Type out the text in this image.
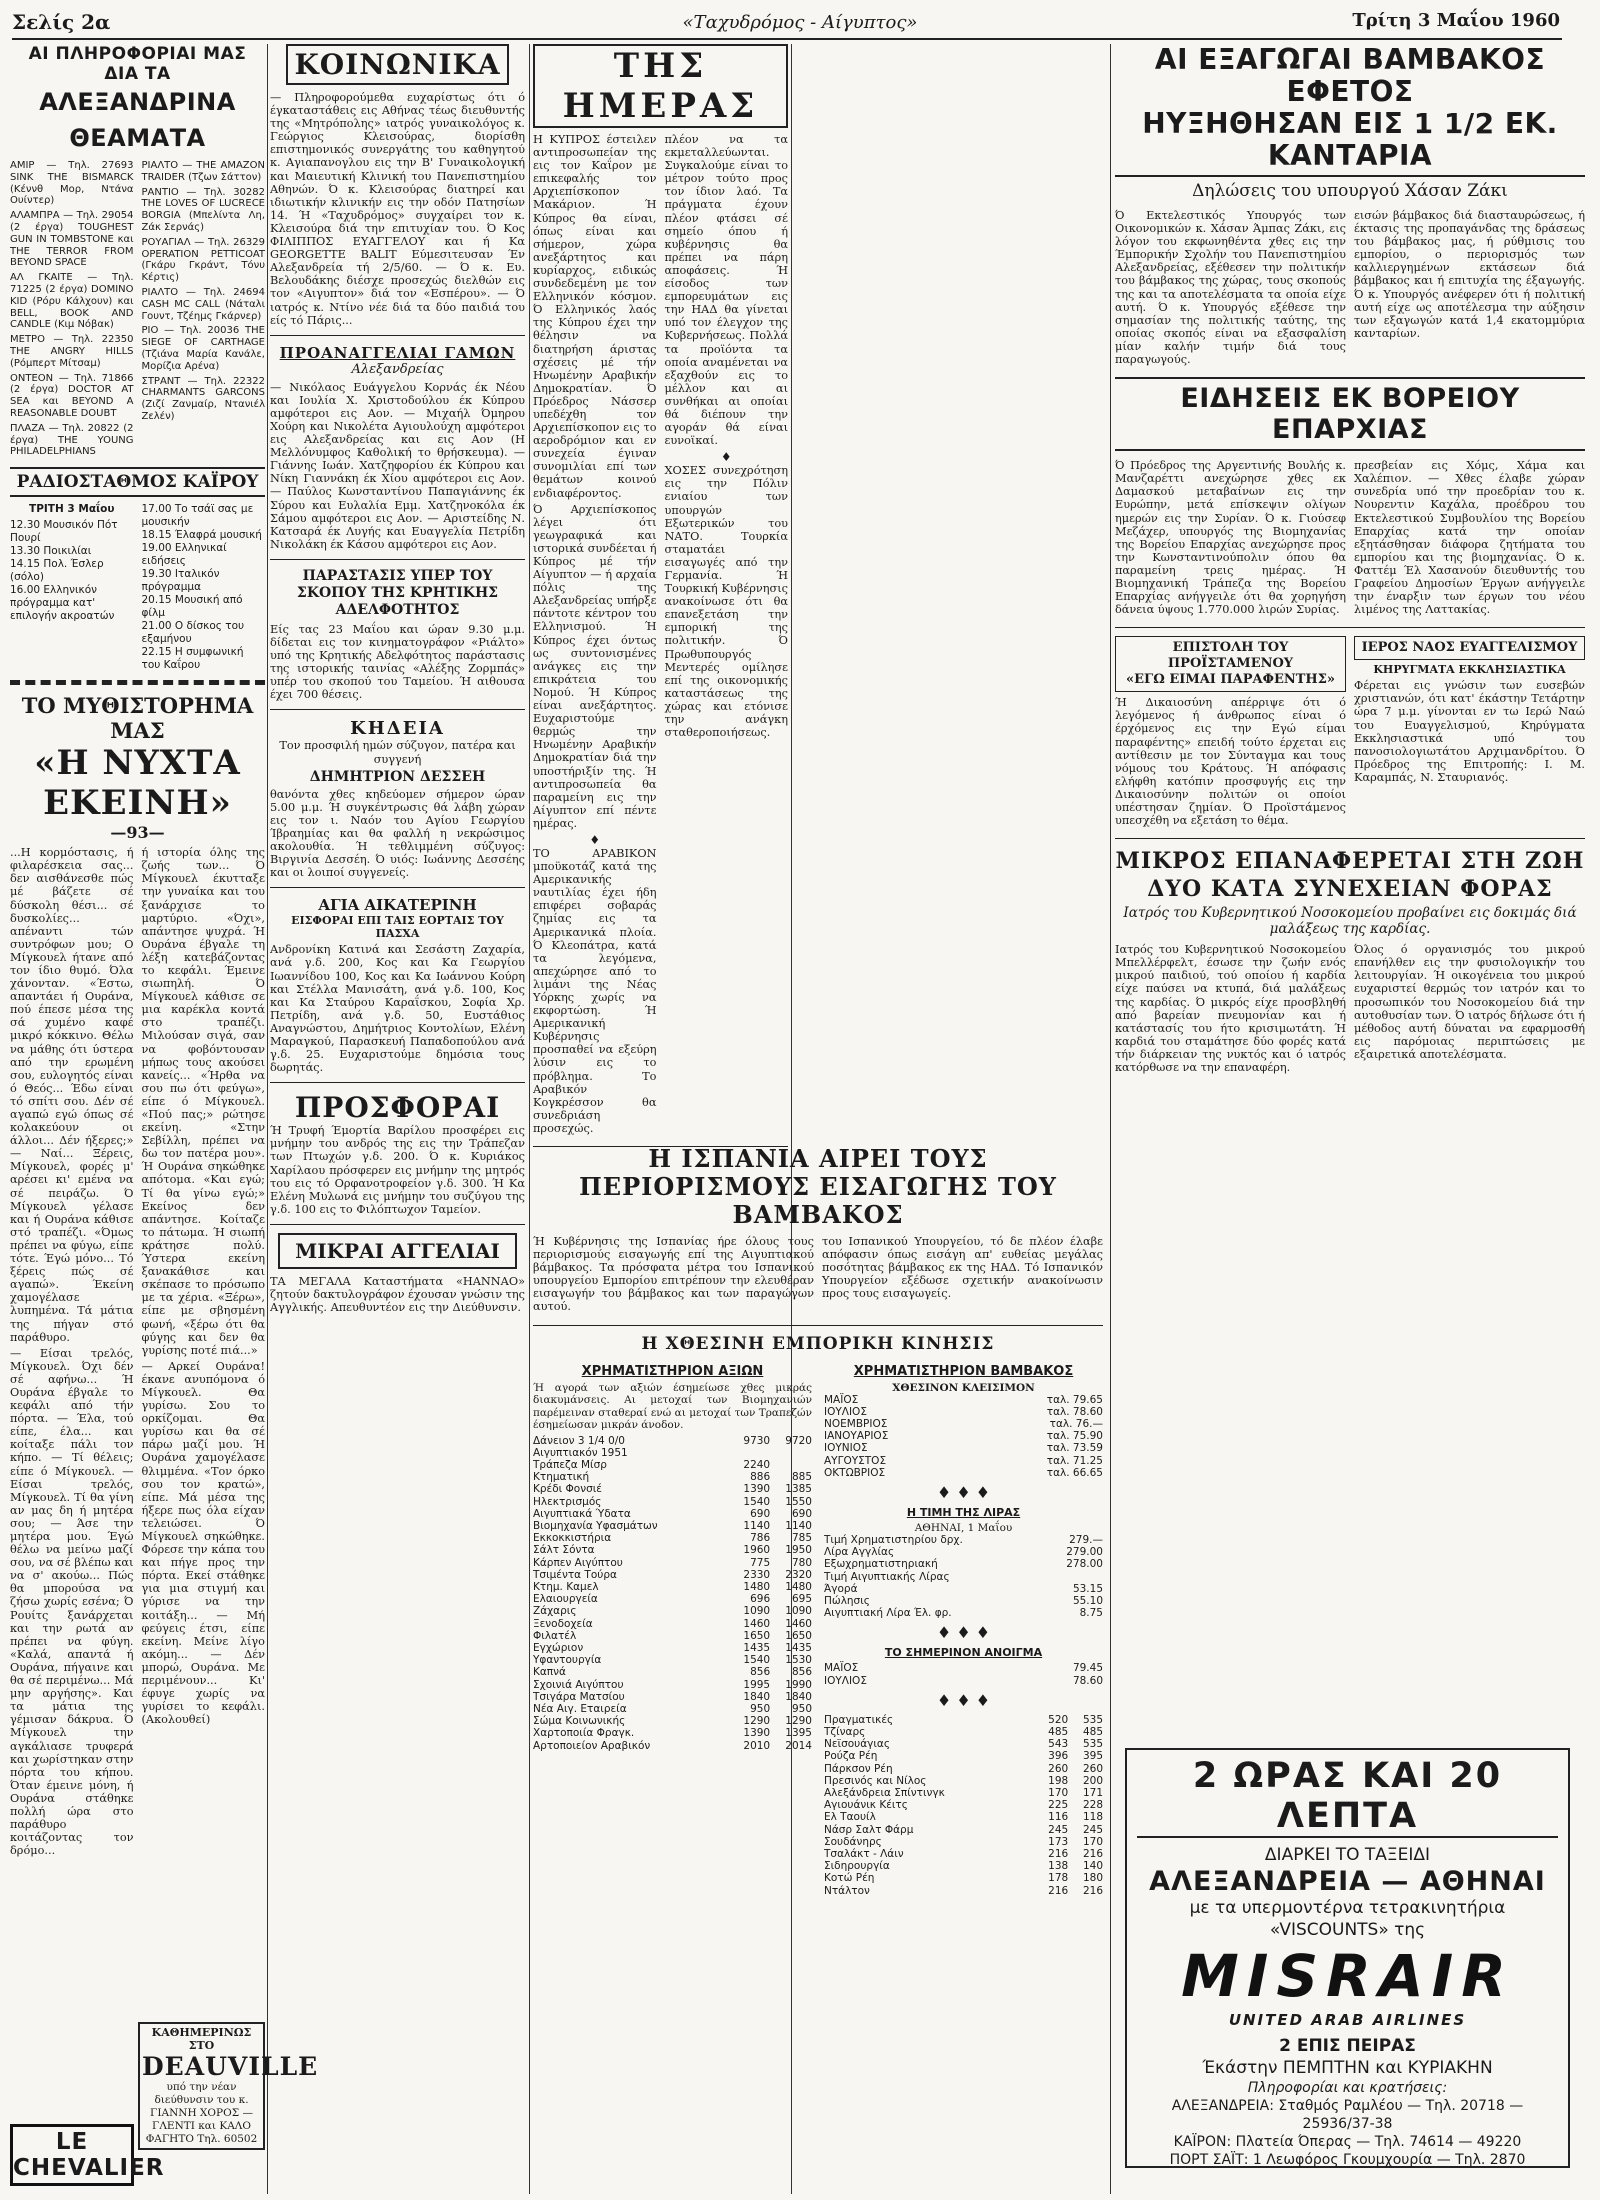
Σελίς 2α	«Ταχυδρόμος - Αίγυπτος»	Τρίτη 3 Μαΐου 1960
ΑΙ ΠΛΗΡΟΦΟΡΙΑΙ ΜΑΣ ΔΙΑ ΤΑ
ΑΛΕΞΑΝΔΡΙΝΑ ΘΕΑΜΑΤΑ

ΑΜΙΡ — Τηλ. 27693 SINK THE BISMARCK (Κέννθ Μορ, Ντάνα Ουίντερ)

ΑΛΑΜΠΡΑ — Τηλ. 29054 (2 έργα) TOUGHEST GUN IN TOMBSTONE και THE TERROR FROM BEYOND SPACE

ΑΛ ΓΚΑΙΤΕ — Τηλ. 71225 (2 έργα) DOMINO KID (Ρόρυ Κάλχουν) και BELL, BOOK AND CANDLE (Κιμ Νόβακ)

ΜΕΤΡΟ — Τηλ. 22350 THE ANGRY HILLS (Ρόμπερτ Μίτσαμ)

ΟΝΤΕΟΝ — Τηλ. 71866 (2 έργα) DOCTOR AT SEA και BEYOND A REASONABLE DOUBT

ΠΛΑΖΑ — Τηλ. 20822 (2 έργα) THE YOUNG PHILADELPHIANS

ΡΙΑΛΤΟ — THE AMAZON TRAIDER (Τζων Σάττον)

ΡΑΝΤΙΟ — Τηλ. 30282 THE LOVES OF LUCRECE BORGIA (Μπελίντα Λη, Ζάκ Σερνάς)

ΡΟΥΑΓΙΑΛ — Τηλ. 26329 OPERATION PETTICOAT (Γκάρυ Γκράντ, Τόνυ Κέρτις)

ΡΙΑΛΤΟ — Τηλ. 24694 CASH MC CALL (Νάταλι Γουντ, Τζέημς Γκάρνερ)

ΡΙΟ — Τηλ. 20036 THE SIEGE OF CARTHAGE (Τζιάνα Μαρία Κανάλε, Μορίζια Αρένα)

ΣΤΡΑΝΤ — Τηλ. 22322 CHARMANTS GARCONS (Ζιζί Ζανμαίρ, Ντανιέλ Ζελέν)

ΡΑΔΙΟΣΤΑΘΜΟΣ ΚΑΪΡΟΥ
ΤΡΙΤΗ 3 Μαΐου
12.30 Μουσικόν Πότ Πουρί
13.30 Ποικιλίαι
14.15 Πολ. Έσλερ (σόλο)
16.00 Ελληνικόν πρόγραμμα κατ' επιλογήν ακροατών
17.00 Το τσάϊ σας με μουσικήν
18.15 Έλαφρά μουσική
19.00 Ελληνικαί ειδήσεις
19.30 Ιταλικόν πρόγραμμα
20.15 Μουσική από φίλμ
21.00 Ο δίσκος του εξαμήνου
22.15 Η συμφωνική του Καΐρου
ΤΟ ΜΥΘΙΣΤΟΡΗΜΑ ΜΑΣ
«Η ΝΥΧΤΑ ΕΚΕΙΝΗ»
—93—

...Η κορμόστασις, ή φιλαρέσκεια σας... δεν αισθάνεσθε πώς μέ βάζετε σέ δύσκολη θέσι... σέ δυσκολίες... απέναντι τών συντρόφων μου; Ο Μίγκουελ ήτανε από τον ίδιο θυμό. Όλα χάνονταν. «Έστω, απαντάει ή Ουράνα, πού έπεσε μέσα της σά χυμένο καφέ μικρό κόκκινο. Θέλω να μάθης ότι ύστερα από την ερωμένη σου, ευλογητός είναι ό Θεός... Έδω είναι τό σπίτι σου. Δέν σέ αγαπώ εγώ όπως σέ κολακεύουν οι άλλοι... Δέν ήξερες;» — Ναί... Ξέρεις, Μίγκουελ, φορές μ' αρέσει κι' εμένα να σέ πειράζω. Ό Μίγκουελ γέλασε και ή Ουράνα κάθισε στό τραπέζι. «Όμως πρέπει να φύγω, είπε τότε. Έγώ μόνο... Τό ξέρεις πώς σέ αγαπώ». Έκείνη χαμογέλασε λυπημένα. Τά μάτια της πήγαν στό παράθυρο.

— Είσαι τρελός, Μίγκουελ. Όχι δέν σέ αφήνω... Ή Ουράνα έβγαλε το κεφάλι από τήν πόρτα. — Έλα, τού είπε, έλα... και κοίταξε πάλι τον κήπο. — Τί θέλεις; είπε ό Μίγκουελ. — Είσαι τρελός, Μίγκουελ. Τί θα γίνη αν μας δη ή μητέρα σου; — Άσε την μητέρα μου. Έγώ θέλω να μείνω μαζί σου, να σέ βλέπω και να σ' ακούω... Πώς θα μπορούσα να ζήσω χωρίς εσένα; Ό Ρουίτς ξανάρχεται και την ρωτά αν πρέπει να φύγη. «Καλά, απαντά ή Ουράνα, πήγαινε και θα σέ περιμένω... Μά μην αργήσης». Και τα μάτια της γέμισαν δάκρυα. Ό Μίγκουελ την αγκάλιασε τρυφερά και χωρίστηκαν στην πόρτα του κήπου. Όταν έμεινε μόνη, ή Ουράνα στάθηκε πολλή ώρα στο παράθυρο κοιτάζοντας τον δρόμο...

ή ιστορία όλης της ζωής των... Ό Μίγκουελ έκυτταξε την γυναίκα και του ξανάρχισε το μαρτύριο. «Όχι», απάντησε ψυχρά. Ή Ουράνα έβγαλε τη λέξη κατεβάζοντας το κεφάλι. Έμεινε σιωπηλή. Ό Μίγκουελ κάθισε σε μια καρέκλα κοντά στο τραπέζι. Μιλούσαν σιγά, σαν να φοβόντουσαν μήπως τους ακούσει κανείς... «Ήρθα να σου πω ότι φεύγω», είπε ό Μίγκουελ. «Πού πας;» ρώτησε εκείνη. «Στην Σεβίλλη, πρέπει να δω τον πατέρα μου». Ή Ουράνα σηκώθηκε απότομα. «Και εγώ; Τί θα γίνω εγώ;» Εκείνος δεν απάντησε. Κοίταζε το πάτωμα. Ή σιωπή κράτησε πολύ. Ύστερα εκείνη ξανακάθισε και σκέπασε το πρόσωπο με τα χέρια. «Ξέρω», είπε με σβησμένη φωνή, «ξέρω ότι θα φύγης και δεν θα γυρίσης ποτέ πιά...»

— Αρκεί Ουράνα! έκανε ανυπόμονα ό Μίγκουελ. Θα γυρίσω. Σου το ορκίζομαι. Θα γυρίσω και θα σέ πάρω μαζί μου. Ή Ουράνα χαμογέλασε θλιμμένα. «Τον όρκο σου τον κρατώ», είπε. Μά μέσα της ήξερε πως όλα είχαν τελειώσει. Ό Μίγκουελ σηκώθηκε. Φόρεσε την κάπα του και πήγε προς την πόρτα. Εκεί στάθηκε για μια στιγμή και γύρισε να την κοιτάξη... — Μή φεύγεις έτσι, είπε εκείνη. Μείνε λίγο ακόμη... — Δέν μπορώ, Ουράνα. Με περιμένουν... Κι' έφυγε χωρίς να γυρίσει το κεφάλι. (Ακολουθεί)

ΚΑΘΗΜΕΡΙΝΩΣ ΣΤΟ
DEAUVILLE
υπό την νέαν διεύθυνσιν του κ. ΓΙΑΝΝΗ ΧΟΡΟΣ — ΓΛΕΝΤΙ και ΚΑΛΟ ΦΑΓΗΤΟ Τηλ. 60502
LE CHEVALIER
ΚΟΙΝΩΝΙΚΑ

— Πληροφορούμεθα ευχαρίστως ότι ό έγκαταστάθεις εις Αθήνας τέως διευθυντής της «Μητρόπολης» ιατρός γυναικολόγος κ. Γεώργιος Κλεισούρας, διορίσθη επιστημονικός συνεργάτης του καθηγητού κ. Αγιαπανογλου εις την Β' Γυναικολογική και Μαιευτική Κλινική του Πανεπιστημίου Αθηνών. Ό κ. Κλεισούρας διατηρεί και ιδιωτικήν κλινικήν εις την οδόν Πατησίων 14. Ή «Ταχυδρόμος» συγχαίρει τον κ. Κλεισούρα διά την επιτυχίαν του. Ό Κος ΦΙΛΙΠΠΟΣ ΕΥΑΓΓΕΛΟΥ και ή Κα GEORGETTE BALIT Εύμεσιτευσαν Έν Αλεξανδρεία τή 2/5/60. — Ό κ. Ευ. Βελουδάκης διέσχε προσεχώς διελθών εις τον «Αιγυπτον» διά τον «Εσπέρου». — Ό ιατρός κ. Ντίνο νέε διά τα δύο παιδιά του είς τό Πάρις...

ΠΡΟΑΝΑΓΓΕΛΙΑΙ ΓΑΜΩΝ
Αλεξανδρείας

— Νικόλαος Ευάγγελου Κορνάς έκ Νέου και Ιουλία Χ. Χριστοδούλου έκ Κύπρου αμφότεροι εις Αον. — Μιχαήλ Όμηρου Χούρη και Νικολέτα Αγιουλούχη αμφότεροι εις Αλεξανδρείας και εις Αον (Η Μελλόνυμφος Καθολική το θρήσκευμα). — Γιάννης Ιωάν. Χατζηφορίου έκ Κύπρου και Νίκη Γιαννάκη έκ Χίου αμφότεροι εις Αον. — Παύλος Κωνσταντίνου Παπαγιάννης έκ Σύρου και Ευλαλία Εμμ. Χατζηνοκόλα έκ Σάμου αμφότεροι εις Αον. — Αριστείδης Ν. Κατσαρά έκ Λυγής και Ευαγγελία Πετρίδη Νικολάκη έκ Κάσου αμφότεροι εις Αον.

ΠΑΡΑΣΤΑΣΙΣ ΥΠΕΡ ΤΟΥ ΣΚΟΠΟΥ ΤΗΣ ΚΡΗΤΙΚΗΣ ΑΔΕΛΦΟΤΗΤΟΣ

Είς τας 23 Μαΐου και ώραν 9.30 μ.μ. δίδεται εις τον κινηματογράφον «Ριάλτο» υπό της Κρητικής Αδελφότητος παράστασις της ιστορικής ταινίας «Αλέξης Ζορμπάς» υπέρ του σκοπού του Ταμείου. Ή αιθουσα έχει 700 θέσεις.

ΚΗΔΕΙΑ

Τον προσφιλή ημών σύζυγον, πατέρα και συγγενή

ΔΗΜΗΤΡΙΟΝ ΔΕΣΣΕΗ

θανόντα χθες κηδεύομεν σήμερον ώραν 5.00 μ.μ. Ή συγκέντρωσις θά λάβη χώραν εις τον ι. Ναόν του Αγίου Γεωργίου Ίβραημίας και θα φαλλή η νεκρώσιμος ακολουθία. Ή τεθλιμμένη σύζυγος: Βιργινία Δεσσέη. Ό υιός: Ιωάννης Δεσσέης και οι λοιποί συγγενείς.

ΑΓΙΑ ΑΙΚΑΤΕΡΙΝΗ
ΕΙΣΦΟΡΑΙ ΕΠΙ ΤΑΙΣ ΕΟΡΤΑΙΣ ΤΟΥ ΠΑΣΧΑ

Ανδρονίκη Κατινά και Σεσάστη Ζαχαρία, ανά γ.δ. 200, Κος και Κα Γεωργίου Ιωαννίδου 100, Κος και Κα Ιωάννου Κούρη και Στέλλα Μανισάτη, ανά γ.δ. 100, Κος και Κα Σταύρου Καραΐσκου, Σοφία Χρ. Πετρίδη, ανά γ.δ. 50, Ευστάθιος Αναγνώστου, Δημήτριος Κοντολίων, Ελένη Μαραγκού, Παρασκευή Παπαδοπούλου ανά γ.δ. 25. Ευχαριστούμε δημόσια τους δωρητάς.

ΠΡΟΣΦΟΡΑΙ

Ή Τρυφή Έμορτία Βαρίλου προσφέρει εις μνήμην του ανδρός της εις την Τράπεζαν των Πτωχών γ.δ. 200. Ό κ. Κυριάκος Χαρίλαου πρόσφερεν εις μνήμην της μητρός του εις τό Ορφανοτροφείον γ.δ. 300. Ή Κα Ελένη Μυλωνά εις μνήμην του συζύγου της γ.δ. 100 εις το Φιλόπτωχον Ταμείον.

ΜΙΚΡΑΙ ΑΓΓΕΛΙΑΙ

ΤΑ ΜΕΓΑΛΑ Καταστήματα «ΗΑΝΝΑΟ» ζητούν δακτυλογράφον έχουσαν γνώσιν της Αγγλικής. Απευθυντέον εις την Διεύθυνσιν.

ΤΗΣ ΗΜΕΡΑΣ

Η ΚΥΠΡΟΣ έστειλεν αντιπροσωπείαν της εις τον Καΐρον με επικεφαλής τον Αρχιεπίσκοπον Μακάριον. Ή Κύπρος θα είναι, όπως είναι και σήμερον, χώρα ανεξάρτητος και κυρίαρχος, ειδικώς συνδεδεμένη με τον Ελληνικόν κόσμον. Ό Ελληνικός λαός της Κύπρου έχει την θέλησιν να διατηρήση άριστας σχέσεις μέ τήν Ηνωμένην Αραβικήν Δημοκρατίαν. Ό Πρόεδρος Νάσσερ υπεδέχθη τον Αρχιεπίσκοπον εις το αεροδρόμιον και εν συνεχεία έγιναν συνομιλίαι επί των θεμάτων κοινού ενδιαφέροντος.

Ό Αρχιεπίσκοπος λέγει ότι γεωγραφικά και ιστορικά συνδέεται ή Κύπρος μέ τήν Αίγυπτον — ή αρχαία πόλις της Αλεξανδρείας υπήρξε πάντοτε κέντρον του Ελληνισμού. Ή Κύπρος έχει όντως ως συντονισμένες ανάγκες εις την επικράτεια του Νομού. Ή Κύπρος είναι ανεξάρτητος. Ευχαριστούμε θερμώς την Ηνωμένην Αραβικήν Δημοκρατίαν διά την υποστήριξίν της. Ή αντιπροσωπεία θα παραμείνη εις την Αίγυπτον επί πέντε ημέρας.

♦

ΤΟ ΑΡΑΒΙΚΟΝ μποϋκοτάζ κατά της Αμερικανικής ναυτιλίας έχει ήδη επιφέρει σοβαράς ζημίας εις τα Αμερικανικά πλοία. Ό Κλεοπάτρα, κατά τα λεγόμενα, απεχώρησε από το λιμάνι της Νέας Υόρκης χωρίς να εκφορτώση. Ή Αμερικανική Κυβέρνησις προσπαθεί να εξεύρη λύσιν εις το πρόβλημα. Το Αραβικόν Κογκρέσσον θα συνεδριάση προσεχώς.

πλέον να τα εκμεταλλεύωνται. Συγκαλούμε είναι το μέτρον τούτο προς τον ίδιον λαό. Τα πράγματα έχουν πλέον φτάσει σέ σημείο όπου ή κυβέρνησις θα πρέπει να πάρη αποφάσεις. Ή είσοδος των εμπορευμάτων εις την ΗΑΔ θα γίνεται υπό τον έλεγχον της Κυβερνήσεως. Πολλά τα προϊόντα τα οποία αναμένεται να εξαχθούν εις το μέλλον και αι συνθήκαι αι οποίαι θά διέπουν την αγοράν θά είναι ευνοϊκαί.

♦

ΧΟΣΕΣ συνεχρότηση εις την Πόλιν ενιαίου των υπουργών Εξωτερικών του ΝΑΤΟ. Τουρκία σταματάει εισαγωγές από την Γερμανία. Ή Τουρκική Κυβέρνησις ανακοίνωσε ότι θα επανεξετάση την εμπορική της πολιτικήν. Ό Πρωθυπουργός Μεντερές ομίλησε επί της οικονομικής καταστάσεως της χώρας και ετόνισε την ανάγκη σταθεροποιήσεως.

Η ΙΣΠΑΝΙΑ ΑΙΡΕΙ ΤΟΥΣ ΠΕΡΙΟΡΙΣΜΟΥΣ ΕΙΣΑΓΩΓΗΣ ΤΟΥ ΒΑΜΒΑΚΟΣ

Ή Κυβέρνησις της Ισπανίας ήρε όλους τους περιορισμούς εισαγωγής επί της Αιγυπτιακού βάμβακος. Τα πρόσφατα μέτρα του Ισπανικού υπουργείου Εμπορίου επιτρέπουν την ελευθέραν εισαγωγήν του βάμβακος και των παραγώγων αυτού.

του Ισπανικού Υπουργείου, τό δε πλέον έλαβε απόφασιν όπως εισάγη απ' ευθείας μεγάλας ποσότητας βάμβακος εκ της ΗΑΔ. Τό Ισπανικόν Υπουργείον εξέδωσε σχετικήν ανακοίνωσιν προς τους εισαγωγείς.

Η ΧΘΕΣΙΝΗ ΕΜΠΟΡΙΚΗ ΚΙΝΗΣΙΣ
ΧΡΗΜΑΤΙΣΤΗΡΙΟΝ ΑΞΙΩΝ

Ή αγορά των αξιών έσημείωσε χθες μικράς διακυμάνσεις. Αι μετοχαί των Βιομηχανιών παρέμειναν σταθεραί ενώ αι μετοχαί των Τραπεζών έσημείωσαν μικράν άνοδον.

Δάνειον 3 1/4 0/0	9730	9720
Αιγυπτιακόν 1951		
Τράπεζα Μίσρ	2240	
Κτηματική	886	885
Κρέδι Φονσιέ	1390	1385
Ηλεκτρισμός	1540	1550
Αιγυπτιακά Ύδατα	690	690
Βιομηχανία Υφασμάτων	1140	1140
Εκκοκκιστήρια	786	785
Σάλτ Σόντα	1960	1950
Κάρπεν Αιγύπτου	775	780
Τσιμέντα Τούρα	2330	2320
Κτημ. Καμελ	1480	1480
Ελαιουργεία	696	695
Ζάχαρις	1090	1090
Ξενοδοχεία	1460	1460
Φιλατέλ	1650	1650
Εγχώριον	1435	1435
Υφαντουργία	1540	1530
Καπνά	856	856
Σχοινιά Αιγύπτου	1995	1990
Τσιγάρα Ματσίου	1840	1840
Νέα Αιγ. Εταιρεία	950	950
Σώμα Κοινωνικής	1290	1290
Χαρτοποιία Φραγκ.	1390	1395
Αρτοποιείον Αραβικόν	2010	2014
ΧΡΗΜΑΤΙΣΤΗΡΙΟΝ ΒΑΜΒΑΚΟΣ
ΧΘΕΣΙΝΟΝ ΚΛΕΙΣΙΜΟΝ
ΜΑΪΟΣ	ταλ. 79.65
ΙΟΥΛΙΟΣ	ταλ. 78.60
ΝΟΕΜΒΡΙΟΣ	ταλ. 76.—
ΙΑΝΟΥΑΡΙΟΣ	ταλ. 75.90
ΙΟΥΝΙΟΣ	ταλ. 73.59
ΑΥΓΟΥΣΤΟΣ	ταλ. 71.25
ΟΚΤΩΒΡΙΟΣ	ταλ. 66.65
♦ ♦ ♦
Η ΤΙΜΗ ΤΗΣ ΛΙΡΑΣ
ΑΘΗΝΑΙ, 1 Μαΐου
Τιμή Χρηματιστηρίου δρχ.	279.—
Λίρα Αγγλίας	279.00
Εξωχρηματιστηριακή	278.00
Τιμή Αιγυπτιακής Λίρας	
Άγορά	53.15
Πώλησις	55.10
Αιγυπτιακή Λίρα Έλ. φρ.	8.75
♦ ♦ ♦
ΤΟ ΣΗΜΕΡΙΝΟΝ ΑΝΟΙΓΜΑ
ΜΑΪΟΣ	79.45
ΙΟΥΛΙΟΣ	78.60
♦ ♦ ♦
Πραγματικές	520	535
Τζίναρς	485	485
Νεϊσουάγιας	543	535
Ρούζα Ρέη	396	395
Πάρκσον Ρέη	260	260
Πρεσινός και Νίλος	198	200
Αλεξάνδρεια Σπίντινγκ	170	171
Αγιουάνικ Κέιτς	225	228
Ελ Ταουίλ	116	118
Νάσρ Σαλτ Φάρμ	245	245
Σουδάνηρς	173	170
Τσαλάκτ - Λάιν	216	216
Σιδηρουργία	138	140
Κοτώ Ρέη	178	180
Ντάλτον	216	216
ΑΙ ΕΞΑΓΩΓΑΙ ΒΑΜΒΑΚΟΣ ΕΦΕΤΟΣ
ΗΥΞΗΘΗΣΑΝ ΕΙΣ 1 1/2 ΕΚ. ΚΑΝΤΑΡΙΑ
Δηλώσεις του υπουργού Χάσαν Ζάκι

Ό Εκτελεστικός Υπουργός των Οικονομικών κ. Χάσαν Άμπας Ζάκι, εις λόγον του εκφωνηθέντα χθες εις την Έμπορικήν Σχολήν του Πανεπιστημίου Αλεξανδρείας, εξέθεσεν την πολιτικήν του βάμβακος της χώρας, τους σκοπούς της και τα αποτελέσματα τα οποία είχε αυτή. Ό κ. Υπουργός εξέθεσε την σημασίαν της πολιτικής ταύτης, της οποίας σκοπός είναι να εξασφαλίση μίαν καλήν τιμήν διά τους παραγωγούς.

εισών βάμβακος διά διασταυρώσεως, ή έκτασις της προπαγάνδας της δράσεως του βάμβακος μας, ή ρύθμισις του εμπορίου, ο περιορισμός των καλλιεργημένων εκτάσεων διά βάμβακος και ή επιτυχία της έξαγωγής. Ό κ. Υπουργός ανέφερεν ότι ή πολιτική αυτή είχε ως αποτέλεσμα την αύξησιν των εξαγωγών κατά 1,4 εκατομμύρια κανταρίων.

ΕΙΔΗΣΕΙΣ ΕΚ ΒΟΡΕΙΟΥ ΕΠΑΡΧΙΑΣ

Ό Πρόεδρος της Αργεντινής Βουλής κ. Μανζαρέττι ανεχώρησε χθες εκ Δαμασκού μεταβαίνων εις την Ευρώπην, μετά επίσκεψιν ολίγων ημερών εις την Συρίαν. Ό κ. Γιούσεφ Μεζάχερ, υπουργός της Βιομηχανίας της Βορείου Επαρχίας ανεχώρησε προς την Κωνσταντινούπολιν όπου θα παραμείνη τρεις ημέρας. Ή Βιομηχανική Τράπεζα της Βορείου Επαρχίας ανήγγειλε ότι θα χορηγήση δάνεια ύψους 1.770.000 λιρών Συρίας.

πρεσβείαν εις Χόμς, Χάμα και Χαλέπιον. — Χθες έλαβε χώραν συνεδρία υπό την προεδρίαν του κ. Νουρεντιν Καχάλα, προέδρου του Εκτελεστικού Συμβουλίου της Βορείου Επαρχίας κατά την οποίαν εξητάσθησαν διάφορα ζητήματα του εμπορίου και της βιομηχανίας. Ό κ. Φαττέμ Έλ Χασανούν διευθυντής του Γραφείου Δημοσίων Έργων ανήγγειλε την έναρξιν των έργων του νέου λιμένος της Λαττακίας.

ΕΠΙΣΤΟΛΗ ΤΟΥ ΠΡΟΪΣΤΑΜΕΝΟΥ
«ΕΓΩ ΕΙΜΑΙ ΠΑΡΑΦΕΝΤΗΣ»

Ή Δικαιοσύνη απέρριψε ότι ό λεγόμενος ή άνθρωπος είναι ό έρχόμενος εις την Εγώ είμαι παραφέντης» επειδή τούτο έρχεται εις αντίθεσιν με τον Σύνταγμα και τους νόμους του Κράτους. Ή απόφασις ελήφθη κατόπιν προσφυγής εις την Δικαιοσύνην πολιτών οι οποίοι υπέστησαν ζημίαν. Ό Προϊστάμενος υπεσχέθη να εξετάση το θέμα.

ΙΕΡΟΣ ΝΑΟΣ ΕΥΑΓΓΕΛΙΣΜΟΥ
ΚΗΡΥΓΜΑΤΑ ΕΚΚΛΗΣΙΑΣΤΙΚΑ

Φέρεται εις γνώσιν των ευσεβών χριστιανών, ότι κατ' έκάστην Τετάρτην ώρα 7 μ.μ. γίνονται εν τω Ιερώ Ναώ του Ευαγγελισμού, Κηρύγματα Εκκλησιαστικά υπό του πανοσιολογιωτάτου Αρχιμανδρίτου. Ό Πρόεδρος της Επιτροπής: Ι. Μ. Καραμπάς, Ν. Σταυριανός.

ΜΙΚΡΟΣ ΕΠΑΝΑΦΕΡΕΤΑΙ ΣΤΗ ΖΩΗ
ΔΥΟ ΚΑΤΑ ΣΥΝΕΧΕΙΑΝ ΦΟΡΑΣ
Ιατρός του Κυβερνητικού Νοσοκομείου προβαίνει εις δοκιμάς διά μαλάξεως της καρδίας.

Ιατρός του Κυβερνητικού Νοσοκομείου Μπελλέρφελτ, έσωσε την ζωήν ενός μικρού παιδιού, τού οποίου ή καρδία είχε παύσει να κτυπά, διά μαλάξεως της καρδίας. Ό μικρός είχε προσβληθή από βαρείαν πνευμονίαν και ή κατάστασίς του ήτο κρισιμωτάτη. Ή καρδιά του σταμάτησε δύο φορές κατά τήν διάρκειαν της νυκτός και ό ιατρός κατόρθωσε να την επαναφέρη.

Όλος ό οργανισμός του μικρού επανήλθεν εις την φυσιολογικήν του λειτουργίαν. Ή οικογένεια του μικρού ευχαριστεί θερμώς τον ιατρόν και το προσωπικόν του Νοσοκομείου διά την αυτοθυσίαν των. Ό ιατρός δήλωσε ότι ή μέθοδος αυτή δύναται να εφαρμοσθή εις παρόμοιας περιπτώσεις με εξαιρετικά αποτελέσματα.

2 ΩΡΑΣ ΚΑΙ 20 ΛΕΠΤΑ
ΔΙΑΡΚΕΙ ΤΟ ΤΑΞΕΙΔΙ
ΑΛΕΞΑΝΔΡΕΙΑ — ΑΘΗΝΑΙ
με τα υπερμοντέρνα τετρακινητήρια
«VISCOUNTS» της
MISRAIR
UNITED ARAB AIRLINES
2 ΕΠΙΣ ΠΕΙΡΑΣ
Έκάστην ΠΕΜΠΤΗΝ και ΚΥΡΙΑΚΗΝ
Πληροφορίαι και κρατήσεις:
ΑΛΕΞΑΝΔΡΕΙΑ: Σταθμός Ραμλέου — Τηλ. 20718 — 25936/37-38
ΚΑΪΡΟΝ: Πλατεία Όπερας — Τηλ. 74614 — 49220
ΠΟΡΤ ΣΑΪΤ: 1 Λεωφόρος Γκουμχουρία — Τηλ. 2870
